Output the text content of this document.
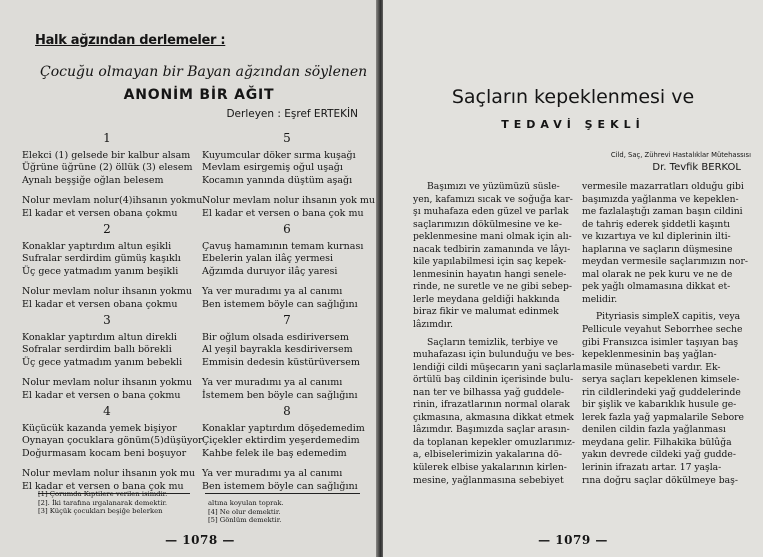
Halk ağzından derlemeler :
Çocuğu olmayan bir Bayan ağzından söylenen
ANONİM BİR AĞIT
Derleyen : Eşref ERTEKİN
1
Elekci (1) gelsede bir kalbur alsam
Üğrüne üğrüne (2) öllük (3) elesem
Aynalı beşşiğe oğlan belesem
Nolur mevlam nolur(4)ihsanın yokmu
El kadar et versen obana çokmu
2
Konaklar yaptırdım altun eşikli
Sufralar serdirdim gümüş kaşıklı
Üç gece yatmadım yanım beşikli
Nolur mevlam nolur ihsanın yokmu
El kadar et versen obana çokmu
3
Konaklar yaptırdım altun direkli
Sofralar serdirdim ballı börekli
Üç gece yatmadım yanım bebekli
Nolur mevlam nolur ihsanın yokmu
El kadar et versen o bana çokmu
4
Küçücük kazanda yemek bişiyor
Oynayan çocuklara gönüm(5)düşüyor
Doğurmasam kocam beni boşuyor
Nolur mevlam nolur ihsanın yok mu
El kadar et versen o bana çok mu
5
Kuyumcular döker sırma kuşağı
Mevlam esirgemiş oğul uşağı
Kocamın yanında düştüm aşağı
Nolur mevlam nolur ihsanın yok mu
El kadar et versen o bana çok mu
6
Çavuş hamamının temam kurnası
Ebelerin yalan ilâç yermesi
Ağzımda duruyor ilâç yaresi
Ya ver muradımı ya al canımı
Ben istemem böyle can sağlığını
7
Bir oğlum olsada esdiriversem
Al yeşil bayrakla kesdiriversem
Emmisin dedesin küstürüversem
Ya ver muradımı ya al canımı
İstemem ben böyle can sağlığını
8
Konaklar yaptırdım döşedemedim
Çiçekler ektirdim yeşerdemedim
Kahbe felek ile baş edemedim
Ya ver muradımı ya al canımı
Ben istemem böyle can sağlığını
[1] Çorumda Kıptilere verilen isimdir.
[2]. İki tarafına ırgalanarak demektir.
[3] Küçük çocukları beşiğe belerken
altına koyulan toprak.
[4] Ne olur demektir.
[5] Gönlüm demektir.
— 1078 —
Saçların kepeklenmesi ve
TEDAVİ ŞEKLİ
Cild, Saç, Zührevi Hastalıklar Mütehassısı
Dr. Tevfik BERKOL
Başımızı ve yüzümüzü süsle-
yen, kafamızı sıcak ve soğuğa kar-
şı muhafaza eden güzel ve parlak
saçlarımızın dökülmesine ve ke-
peklenmesine mani olmak için alı-
nacak tedbirin zamanında ve lâyı-
kile yapılabilmesi için saç kepek-
lenmesinin hayatın hangi senele-
rinde, ne suretle ve ne gibi sebep-
lerle meydana geldiği hakkında
biraz fikir ve malumat edinmek
lâzımdır.
Saçların temizlik, terbiye ve
muhafazası için bulunduğu ve bes-
lendiği cildi müşecarın yani saçlarla
örtülü baş cildinin içerisinde bulu-
nan ter ve bilhassa yağ guddele-
rinin, ifrazatlarının normal olarak
çıkmasına, akmasına dikkat etmek
lâzımdır. Başımızda saçlar arasın-
da toplanan kepekler omuzlarımız-
a, elbiselerimizin yakalarına dö-
külerek elbise yakalarının kirlen-
mesine, yağlanmasına sebebiyet
vermesile mazarratları olduğu gibi
başımızda yağlanma ve kepeklen-
me fazlalaştığı zaman başın cildini
de tahriş ederek şiddetli kaşıntı
ve kızartıya ve kıl diplerinin ilti-
haplarına ve saçların düşmesine
meydan vermesile saçlarımızın nor-
mal olarak ne pek kuru ve ne de
pek yağlı olmamasına dikkat et-
melidir.
Pityriasis simpleX capitis, veya
Pellicule veyahut Seborrhee seche
gibi Fransızca isimler taşıyan baş
kepeklenmesinin baş yağlan-
masile münasebeti vardır. Ek-
serya saçları kepeklenen kimsele-
rin cildlerindeki yağ guddelerinde
bir şişlik ve kabarıklık husule ge-
lerek fazla yağ yapmalarile Sebore
denilen cildin fazla yağlanması
meydana gelir. Filhakika bülûğa
yakın devrede cildeki yağ gudde-
lerinin ifrazatı artar. 17 yaşla-
rına doğru saçlar dökülmeye baş-
— 1079 —
